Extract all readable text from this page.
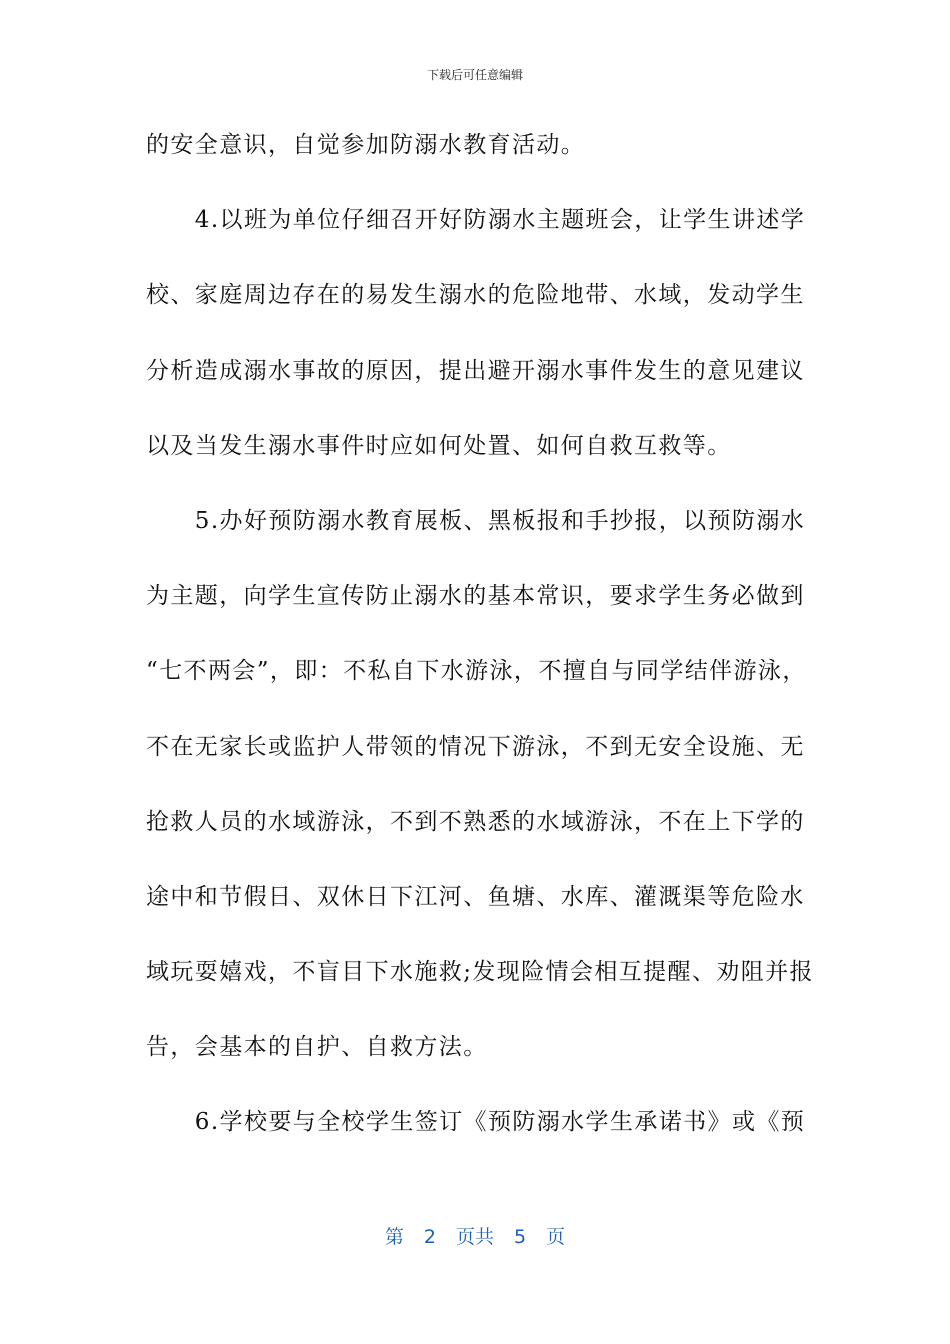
下载后可任意编辑
的安全意识，自觉参加防溺水教育活动。
　　4.以班为单位仔细召开好防溺水主题班会，让学生讲述学
校、家庭周边存在的易发生溺水的危险地带、水域，发动学生
分析造成溺水事故的原因，提出避开溺水事件发生的意见建议
以及当发生溺水事件时应如何处置、如何自救互救等。
　　5.办好预防溺水教育展板、黑板报和手抄报，以预防溺水
为主题，向学生宣传防止溺水的基本常识，要求学生务必做到
“七不两会”，即：不私自下水游泳，不擅自与同学结伴游泳，
不在无家长或监护人带领的情况下游泳，不到无安全设施、无
抢救人员的水域游泳，不到不熟悉的水域游泳，不在上下学的
途中和节假日、双休日下江河、鱼塘、水库、灌溉渠等危险水
域玩耍嬉戏，不盲目下水施救;发现险情会相互提醒、劝阻并报
告，会基本的自护、自救方法。
　　6.学校要与全校学生签订《预防溺水学生承诺书》或《预
第 2 页共 5 页
